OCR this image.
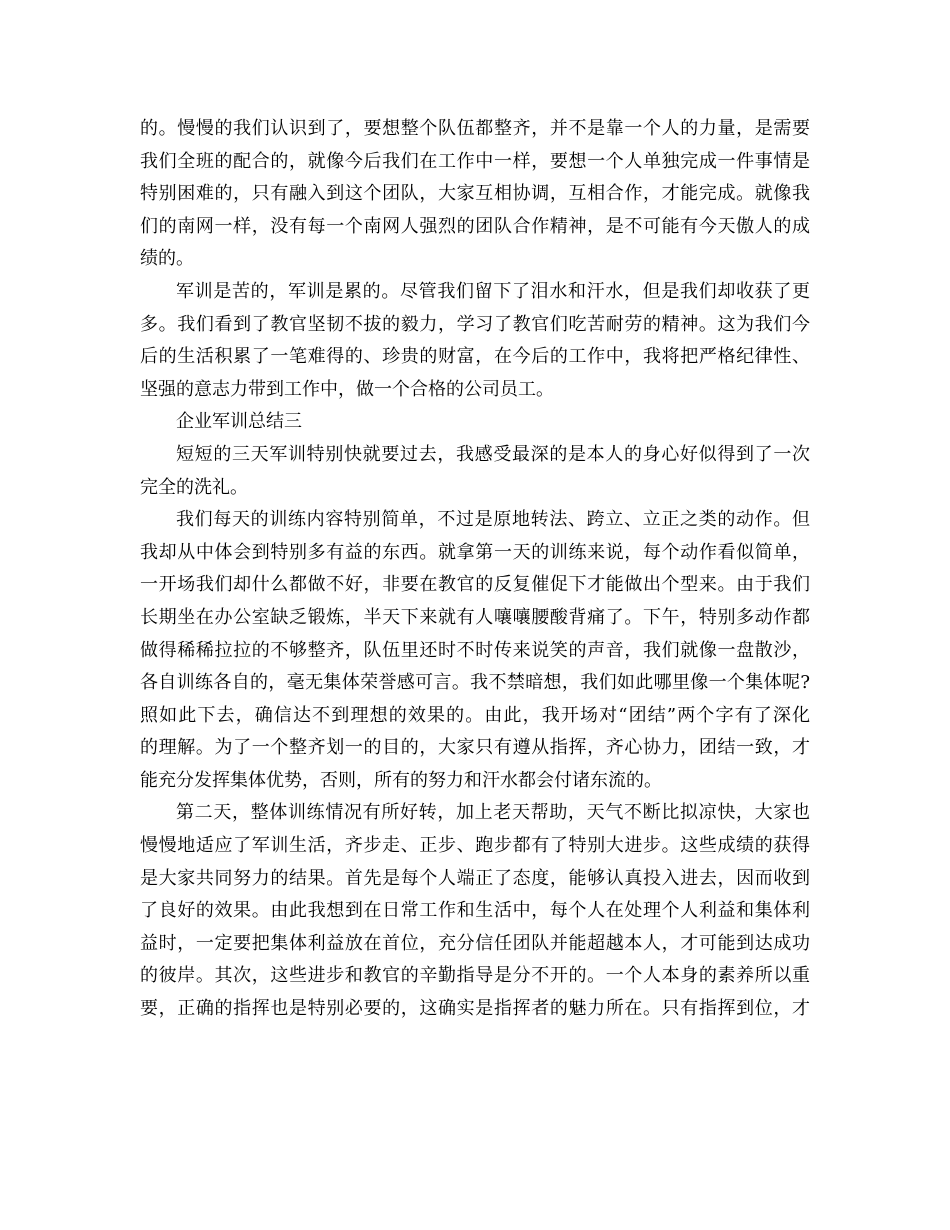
的。慢慢的我们认识到了，要想整个队伍都整齐，并不是靠一个人的力量，是需要
我们全班的配合的，就像今后我们在工作中一样，要想一个人单独完成一件事情是
特别困难的，只有融入到这个团队，大家互相协调，互相合作，才能完成。就像我
们的南网一样，没有每一个南网人强烈的团队合作精神，是不可能有今天傲人的成
绩的。
军训是苦的，军训是累的。尽管我们留下了泪水和汗水，但是我们却收获了更
多。我们看到了教官坚韧不拔的毅力，学习了教官们吃苦耐劳的精神。这为我们今
后的生活积累了一笔难得的、珍贵的财富，在今后的工作中，我将把严格纪律性、
坚强的意志力带到工作中，做一个合格的公司员工。
企业军训总结三
短短的三天军训特别快就要过去，我感受最深的是本人的身心好似得到了一次
完全的洗礼。
我们每天的训练内容特别简单，不过是原地转法、跨立、立正之类的动作。但
我却从中体会到特别多有益的东西。就拿第一天的训练来说，每个动作看似简单，
一开场我们却什么都做不好，非要在教官的反复催促下才能做出个型来。由于我们
长期坐在办公室缺乏锻炼，半天下来就有人嚷嚷腰酸背痛了。下午，特别多动作都
做得稀稀拉拉的不够整齐，队伍里还时不时传来说笑的声音，我们就像一盘散沙，
各自训练各自的，毫无集体荣誉感可言。我不禁暗想，我们如此哪里像一个集体呢?
照如此下去，确信达不到理想的效果的。由此，我开场对“团结”两个字有了深化
的理解。为了一个整齐划一的目的，大家只有遵从指挥，齐心协力，团结一致，才
能充分发挥集体优势，否则，所有的努力和汗水都会付诸东流的。
第二天，整体训练情况有所好转，加上老天帮助，天气不断比拟凉快，大家也
慢慢地适应了军训生活，齐步走、正步、跑步都有了特别大进步。这些成绩的获得
是大家共同努力的结果。首先是每个人端正了态度，能够认真投入进去，因而收到
了良好的效果。由此我想到在日常工作和生活中，每个人在处理个人利益和集体利
益时，一定要把集体利益放在首位，充分信任团队并能超越本人，才可能到达成功
的彼岸。其次，这些进步和教官的辛勤指导是分不开的。一个人本身的素养所以重
要，正确的指挥也是特别必要的，这确实是指挥者的魅力所在。只有指挥到位，才
